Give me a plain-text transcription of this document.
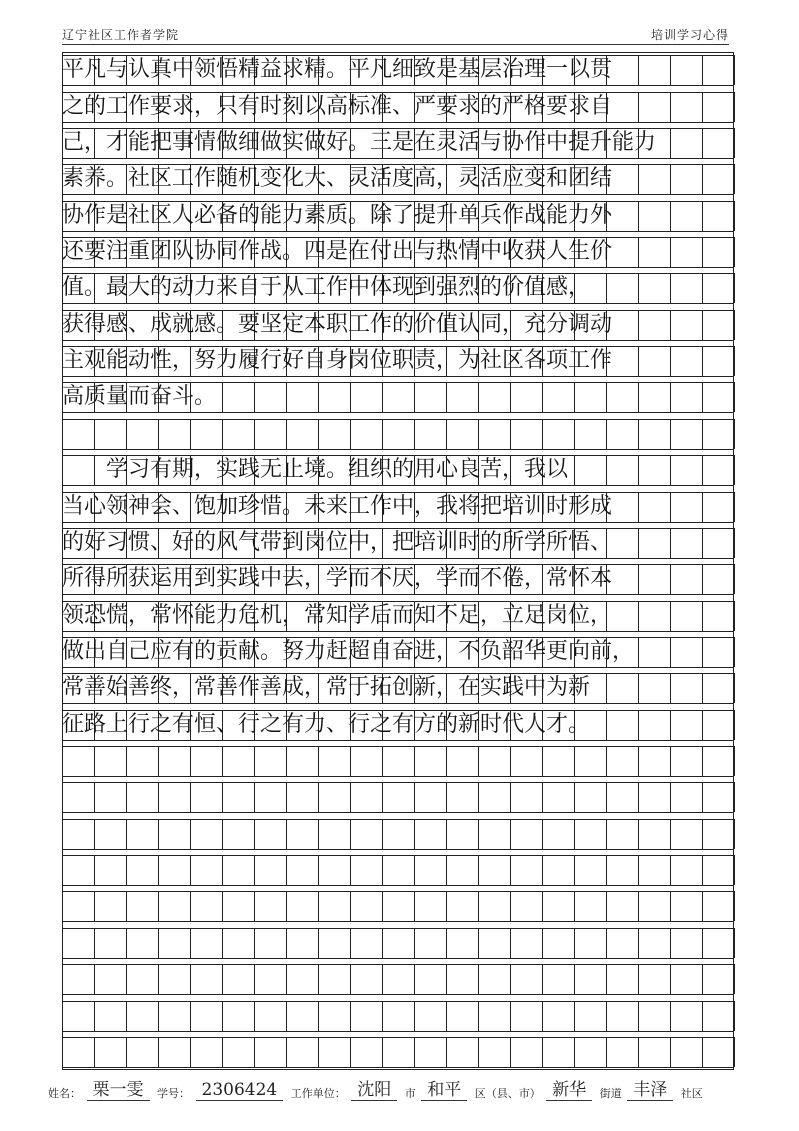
辽宁社区工作者学院	培训学习心得
平凡与认真中领悟精益求精。平凡细致是基层治理一以贯
之的工作要求，只有时刻以高标准、严要求的严格要求自
己，才能把事情做细做实做好。三是在灵活与协作中提升能力
素养。社区工作随机变化大、灵活度高，灵活应变和团结
协作是社区人必备的能力素质。除了提升单兵作战能力外
还要注重团队协同作战。四是在付出与热情中收获人生价
值。最大的动力来自于从工作中体现到强烈的价值感，
获得感、成就感。要坚定本职工作的价值认同，充分调动
主观能动性，努力履行好自身岗位职责，为社区各项工作
高质量而奋斗。
　　学习有期，实践无止境。组织的用心良苦，我以
当心领神会、饱加珍惜。未来工作中，我将把培训时形成
的好习惯、好的风气带到岗位中，把培训时的所学所悟、
所得所获运用到实践中去，学而不厌，学而不倦，常怀本
领恐慌，常怀能力危机，常知学后而知不足，立足岗位，
做出自己应有的贡献。努力赶超自奋进，不负韶华更向前，
常善始善终，常善作善成，常于拓创新，在实践中为新
征路上行之有恒、行之有力、行之有方的新时代人才。
姓名： 栗一雯 学号： 2306424 工作单位： 沈阳 市 和平 区（县、市） 新华 街道 丰泽 社区
